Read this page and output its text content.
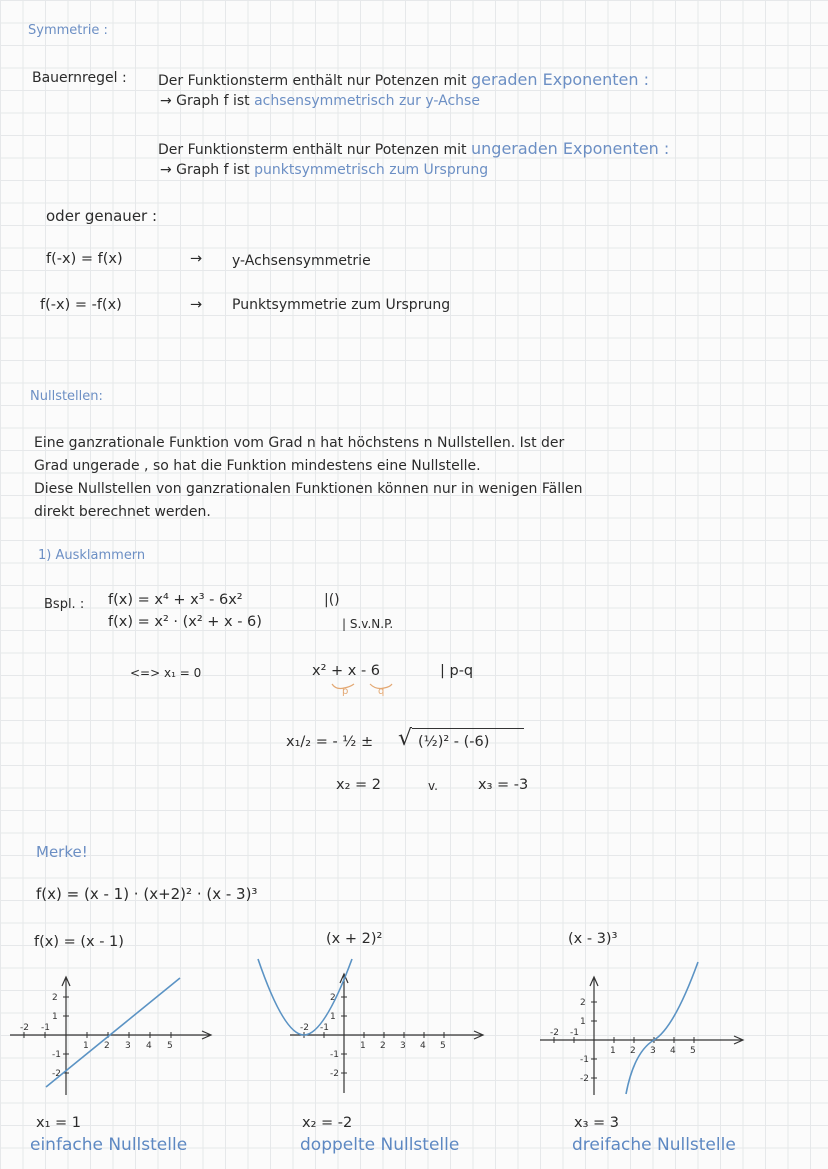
Symmetrie :
Bauernregel : Der Funktionsterm enthält nur Potenzen mit geraden Exponenten :
→ Graph f ist achsensymmetrisch zur y-Achse
Der Funktionsterm enthält nur Potenzen mit ungeraden Exponenten :
→ Graph f ist punktsymmetrisch zum Ursprung
oder genauer :
f(-x) = f(x)	→ y-Achsensymmetrie
f(-x) = -f(x)	→ Punktsymmetrie zum Ursprung
Nullstellen:
Eine ganzrationale Funktion vom Grad n hat höchstens n Nullstellen. Ist der
Grad ungerade , so hat die Funktion mindestens eine Nullstelle.
Diese Nullstellen von ganzrationalen Funktionen können nur in wenigen Fällen
direkt berechnet werden.
1) Ausklammern
Bspl. : f(x) = x⁴ + x³ - 6x²	|()
f(x) = x² · (x² + x - 6)	| S.v.N.P.
<=> x₁ = 0	x² + x - 6	| p-q
p	q
x₁/₂ = - ½ ± √ (½)² - (-6)
x₂ = 2	v.	x₃ = -3
Merke!
f(x) = (x - 1) · (x+2)² · (x - 3)³
f(x) = (x - 1)	(x + 2)²	(x - 3)³
-2 -1
1 2 3 4 5
2
1
-1
-2
-2 -1
1 2 3 4 5
2
1
-1
-2
-2 -1
1 2 3 4 5
2
1
-1
-2
x₁ = 1
einfache Nullstelle
x₂ = -2
doppelte Nullstelle
x₃ = 3
dreifache Nullstelle
